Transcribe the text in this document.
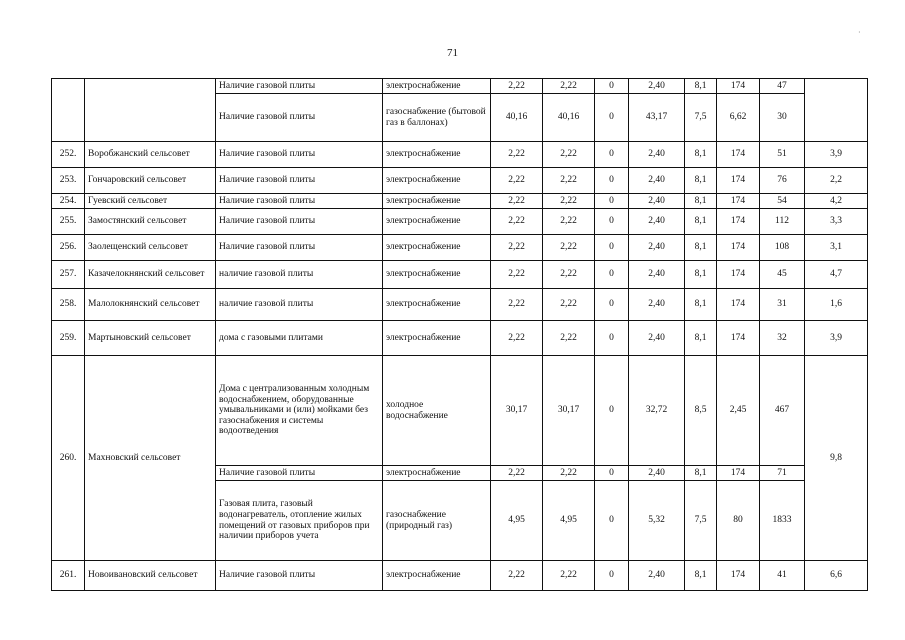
71
·
		Наличие газовой плиты	электроснабжение	2,22	2,22	0	2,40	8,1	174	47	
		Наличие газовой плиты	газоснабжение (бытовой газ в баллонах)	40,16	40,16	0	43,17	7,5	6,62	30	
252.	Воробжанский сельсовет	Наличие газовой плиты	электроснабжение	2,22	2,22	0	2,40	8,1	174	51	3,9
253.	Гончаровский сельсовет	Наличие газовой плиты	электроснабжение	2,22	2,22	0	2,40	8,1	174	76	2,2
254.	Гуевский сельсовет	Наличие газовой плиты	электроснабжение	2,22	2,22	0	2,40	8,1	174	54	4,2
255.	Замостянский сельсовет	Наличие газовой плиты	электроснабжение	2,22	2,22	0	2,40	8,1	174	112	3,3
256.	Заолещенский сельсовет	Наличие газовой плиты	электроснабжение	2,22	2,22	0	2,40	8,1	174	108	3,1
257.	Казачелокнянский сельсовет	наличие газовой плиты	электроснабжение	2,22	2,22	0	2,40	8,1	174	45	4,7
258.	Малолокнянский сельсовет	наличие газовой плиты	электроснабжение	2,22	2,22	0	2,40	8,1	174	31	1,6
259.	Мартыновский сельсовет	дома с газовыми плитами	электроснабжение	2,22	2,22	0	2,40	8,1	174	32	3,9
260.	Махновский сельсовет	Дома с централизованным холодным водоснабжением, оборудованные умывальниками и (или) мойками без газоснабжения и системы водоотведения	холодное водоснабжение	30,17	30,17	0	32,72	8,5	2,45	467	9,8
		Наличие газовой плиты	электроснабжение	2,22	2,22	0	2,40	8,1	174	71	
		Газовая плита, газовый водонагреватель, отопление жилых помещений от газовых приборов при наличии приборов учета	газоснабжение (природный газ)	4,95	4,95	0	5,32	7,5	80	1833	
261.	Новоивановский сельсовет	Наличие газовой плиты	электроснабжение	2,22	2,22	0	2,40	8,1	174	41	6,6
